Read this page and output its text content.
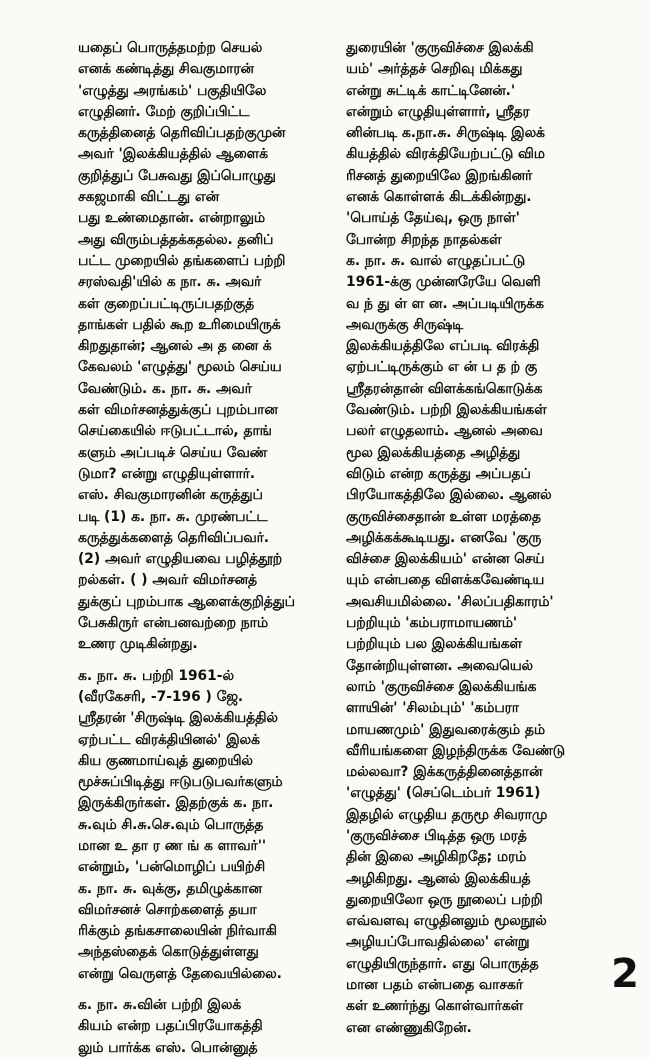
யதைப் பொருத்தமற்ற செயல்
எனக் கண்டித்து சிவகுமாரன்
'எழுத்து அரங்கம்' பகுதியிலே
எழுதினர். மேற் குறிப்பிட்ட
கருத்தினைத் தெரிவிப்பதற்குமுன்
அவர் 'இலக்கியத்தில் ஆளைக்
குறித்துப் பேசுவது இப்பொழுது
சகஜமாகி விட்டது என்
பது உண்மைதான். என்றாலும்
அது விரும்பத்தக்கதல்ல. தனிப்
பட்ட முறையில் தங்களைப் பற்றி
சரஸ்வதி'யில் க நா. சு. அவர்
கள் குறைப்பட்டிருப்பதற்குத்
தாங்கள் பதில் கூற உரிமையிருக்
கிறதுதான்; ஆனல் அ த னை க்
கேவலம் 'எழுத்து' மூலம் செய்ய
வேண்டும். க. நா. சு. அவர்
கள் விமர்சனத்துக்குப் புறம்பான
செய்கையில் ஈடுபட்டால், தாங்
களும் அப்படிச் செய்ய வேண்
டுமா? என்று எழுதியுள்ளார்.
எஸ். சிவகுமாரனின் கருத்துப்
படி (1) க. நா. சு. முரண்பட்ட
கருத்துக்களைத் தெரிவிப்பவர்.
(2) அவர் எழுதியவை பழித்தூற்
றல்கள். ( ) அவர் விமர்சனத்
துக்குப் புறம்பாக ஆளைக்குறித்துப்
பேசுகிருர் என்பனவற்றை நாம்
உணர முடிகின்றது.
க. நா. சு. பற்றி 1961-ல்
(வீரகேசரி, -7-196 ) ஜே.
ஸ்ரீதரன் 'சிருஷ்டி இலக்கியத்தில்
ஏற்பட்ட விரக்தியினல்' இலக்
கிய குணமாய்வுத் துறையில்
மூச்சுப்பிடித்து ஈடுபடுபவர்களும்
இருக்கிருர்கள். இதற்குக் க. நா.
சு.வும் சி.சு.செ.வும் பொருத்த
மான உ தா ர ண ங் க ளாவர்''
என்றும், 'பன்மொழிப் பயிற்சி
க. நா. சு. வுக்கு, தமிழுக்கான
விமர்சனச் சொற்களைத் தயா
ரிக்கும் தங்கசாலையின் நிர்வாகி
அந்தஸ்தைக் கொடுத்துள்ளது
என்று வெருளத் தேவையில்லை.
க. நா. சு.வின் பற்றி இலக்
கியம் என்ற பதப்பிரயோகத்தி
லும் பார்க்க எஸ். பொன்னுத்
துரையின் 'குருவிச்சை இலக்கி
யம்' அர்த்தச் செறிவு மிக்கது
என்று சுட்டிக் காட்டினேன்.'
என்றும் எழுதியுள்ளார், ஸ்ரீதர
னின்படி க.நா.சு. சிருஷ்டி இலக்
கியத்தில் விரக்தியேற்பட்டு விம
ரிசனத் துறையிலே இறங்கினர்
எனக் கொள்ளக் கிடக்கின்றது.
'பொய்த் தேய்வு, ஒரு நாள்'
போன்ற சிறந்த நாதல்கள்
க. நா. சு. வால் எழுதப்பட்டு
1961-க்கு முன்னரேயே வெளி
வ ந் து ள் ள ன. அப்படியிருக்க
அவருக்கு சிருஷ்டி
இலக்கியத்திலே எப்படி விரக்தி
ஏற்பட்டிருக்கும் எ ன் ப த ற் கு
ஸ்ரீதரன்தான் விளக்கங்கொடுக்க
வேண்டும். பற்றி இலக்கியங்கள்
பலர் எழுதலாம். ஆனல் அவை
மூல இலக்கியத்தை அழித்து
விடும் என்ற கருத்து அப்பதப்
பிரயோகத்திலே இல்லை. ஆனல்
குருவிச்சைதான் உள்ள மரத்தை
அழிக்கக்கூடியது. எனவே 'குரு
விச்சை இலக்கியம்' என்ன செய்
யும் என்பதை விளக்கவேண்டிய
அவசியமில்லை. 'சிலப்பதிகாரம்'
பற்றியும் 'கம்பராமாயணம்'
பற்றியும் பல இலக்கியங்கள்
தோன்றியுள்ளன. அவையெல்
லாம் 'குருவிச்சை இலக்கியங்க
ளாயின்' 'சிலம்பும்' 'கம்பரா
மாயணமும்' இதுவரைக்கும் தம்
வீரியங்களை இழந்திருக்க வேண்டு
மல்லவா? இக்கருத்தினைத்தான்
'எழுத்து' (செப்டெம்பர் 1961)
இதழில் எழுதிய தருமூ சிவராமு
'குருவிச்சை பிடித்த ஒரு மரத்
தின் இலை அழிகிறதே; மரம்
அழிகிறது. ஆனல் இலக்கியத்
துறையிலோ ஒரு நூலைப் பற்றி
எவ்வளவு எழுதினலும் மூலநூல்
அழியப்போவதில்லை' என்று
எழுதியிருந்தார். எது பொருத்த
மான பதம் என்பதை வாசகர்
கள் உணர்ந்து கொள்வார்கள்
என எண்ணுகிறேன்.
2
